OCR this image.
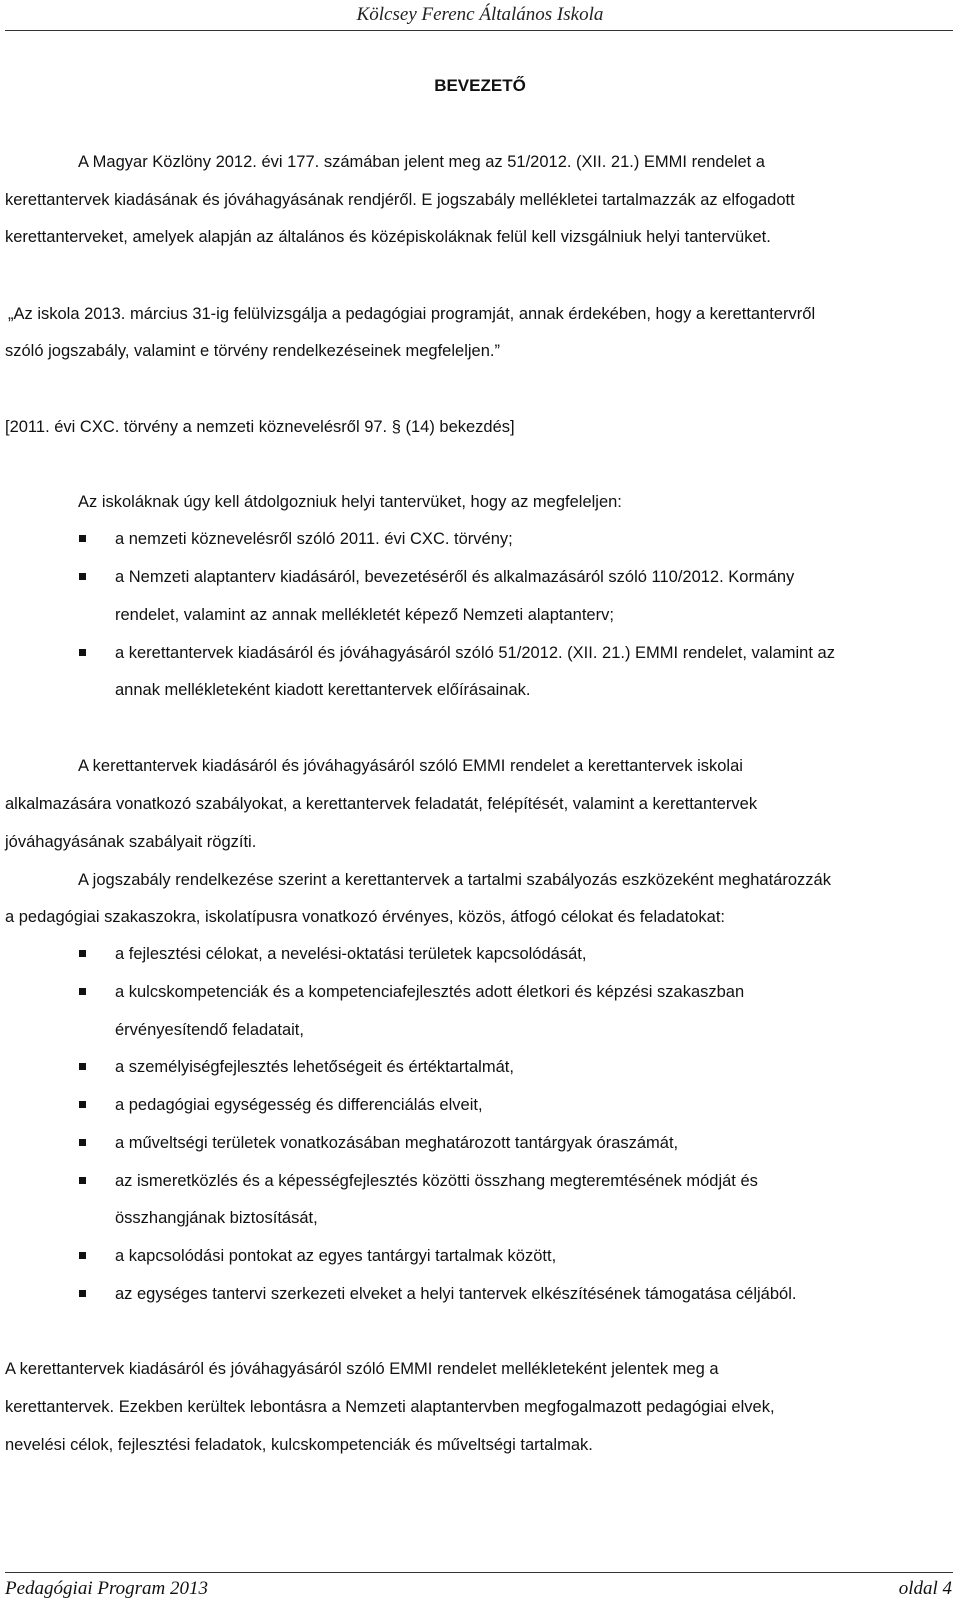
Kölcsey Ferenc Általános Iskola
BEVEZETŐ
A Magyar Közlöny 2012. évi 177. számában jelent meg az 51/2012. (XII. 21.) EMMI rendelet a
kerettantervek kiadásának és jóváhagyásának rendjéről. E jogszabály mellékletei tartalmazzák az elfogadott
kerettanterveket, amelyek alapján az általános és középiskoláknak felül kell vizsgálniuk helyi tantervüket.
„Az iskola 2013. március 31-ig felülvizsgálja a pedagógiai programját, annak érdekében, hogy a kerettantervről
szóló jogszabály, valamint e törvény rendelkezéseinek megfeleljen.”
[2011. évi CXC. törvény a nemzeti köznevelésről 97. § (14) bekezdés]
Az iskoláknak úgy kell átdolgozniuk helyi tantervüket, hogy az megfeleljen:
a nemzeti köznevelésről szóló 2011. évi CXC. törvény;
a Nemzeti alaptanterv kiadásáról, bevezetéséről és alkalmazásáról szóló 110/2012. Kormány
rendelet, valamint az annak mellékletét képező Nemzeti alaptanterv;
a kerettantervek kiadásáról és jóváhagyásáról szóló 51/2012. (XII. 21.) EMMI rendelet, valamint az
annak mellékleteként kiadott kerettantervek előírásainak.
A kerettantervek kiadásáról és jóváhagyásáról szóló EMMI rendelet a kerettantervek iskolai
alkalmazására vonatkozó szabályokat, a kerettantervek feladatát, felépítését, valamint a kerettantervek
jóváhagyásának szabályait rögzíti.
A jogszabály rendelkezése szerint a kerettantervek a tartalmi szabályozás eszközeként meghatározzák
a pedagógiai szakaszokra, iskolatípusra vonatkozó érvényes, közös, átfogó célokat és feladatokat:
a fejlesztési célokat, a nevelési-oktatási területek kapcsolódását,
a kulcskompetenciák és a kompetenciafejlesztés adott életkori és képzési szakaszban
érvényesítendő feladatait,
a személyiségfejlesztés lehetőségeit és értéktartalmát,
a pedagógiai egységesség és differenciálás elveit,
a műveltségi területek vonatkozásában meghatározott tantárgyak óraszámát,
az ismeretközlés és a képességfejlesztés közötti összhang megteremtésének módját és
összhangjának biztosítását,
a kapcsolódási pontokat az egyes tantárgyi tartalmak között,
az egységes tantervi szerkezeti elveket a helyi tantervek elkészítésének támogatása céljából.
A kerettantervek kiadásáról és jóváhagyásáról szóló EMMI rendelet mellékleteként jelentek meg a
kerettantervek. Ezekben kerültek lebontásra a Nemzeti alaptantervben megfogalmazott pedagógiai elvek,
nevelési célok, fejlesztési feladatok, kulcskompetenciák és műveltségi tartalmak.
Pedagógiai Program 2013	oldal 4
